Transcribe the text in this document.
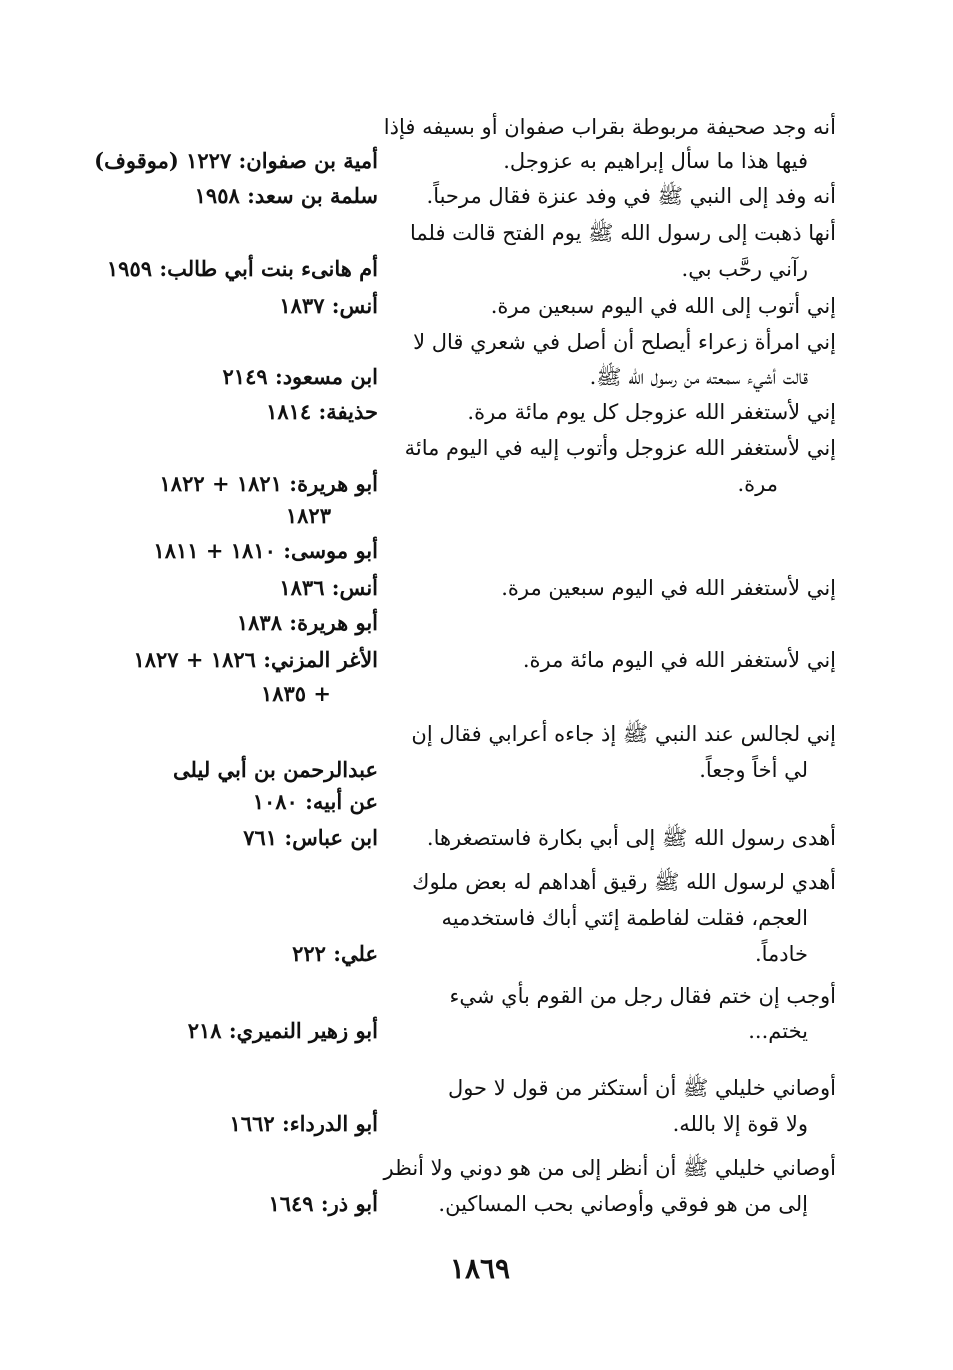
أنه وجد صحيفة مربوطة بقراب صفوان أو بسيفه فإذا
فيها هذا ما سأل إبراهيم به عزوجل.
أنه وفد إلى النبي ﷺ في وفد عنزة فقال مرحباً.
أنها ذهبت إلى رسول الله ﷺ يوم الفتح قالت فلما
رآني رحَّب بي.
إني أتوب إلى الله في اليوم سبعين مرة.
إني امرأة زعراء أيصلح أن أصل في شعري قال لا
قالت أشيء سمعته من رسول الله ﷺ.
إني لأستغفر الله عزوجل كل يوم مائة مرة.
إني لأستغفر الله عزوجل وأتوب إليه في اليوم مائة
مرة.
إني لأستغفر الله في اليوم سبعين مرة.
إني لأستغفر الله في اليوم مائة مرة.
إني لجالس عند النبي ﷺ إذ جاءه أعرابي فقال إن
لي أخاً وجعاً.
أهدى رسول الله ﷺ إلى أبي بكارة فاستصغرها.
أهدي لرسول الله ﷺ رقيق أهداهم له بعض ملوك
العجم، فقلت لفاطمة إئتي أباك فاستخدميه
خادماً.
أوجب إن ختم فقال رجل من القوم بأي شيء
يختم...
أوصاني خليلي ﷺ أن أستكثر من قول لا حول
ولا قوة إلا بالله.
أوصاني خليلي ﷺ أن أنظر إلى من هو دوني ولا أنظر
إلى من هو فوقي وأوصاني بحب المساكين.
أمية بن صفوان: ١٢٢٧ (موقوف)
سلمة بن سعد: ١٩٥٨
أم هانىء بنت أبي طالب: ١٩٥٩
أنس: ١٨٣٧
ابن مسعود: ٢١٤٩
حذيفة: ١٨١٤
أبو هريرة: ١٨٢١ + ١٨٢٢
١٨٢٣
أبو موسى: ١٨١٠ + ١٨١١
أنس: ١٨٣٦
أبو هريرة: ١٨٣٨
الأغر المزني: ١٨٢٦ + ١٨٢٧
+ ١٨٣٥
عبدالرحمن بن أبي ليلى
عن أبيه: ١٠٨٠
ابن عباس: ٧٦١
علي: ٢٢٢
أبو زهير النميري: ٢١٨
أبو الدرداء: ١٦٦٢
أبو ذر: ١٦٤٩
١٨٦٩
